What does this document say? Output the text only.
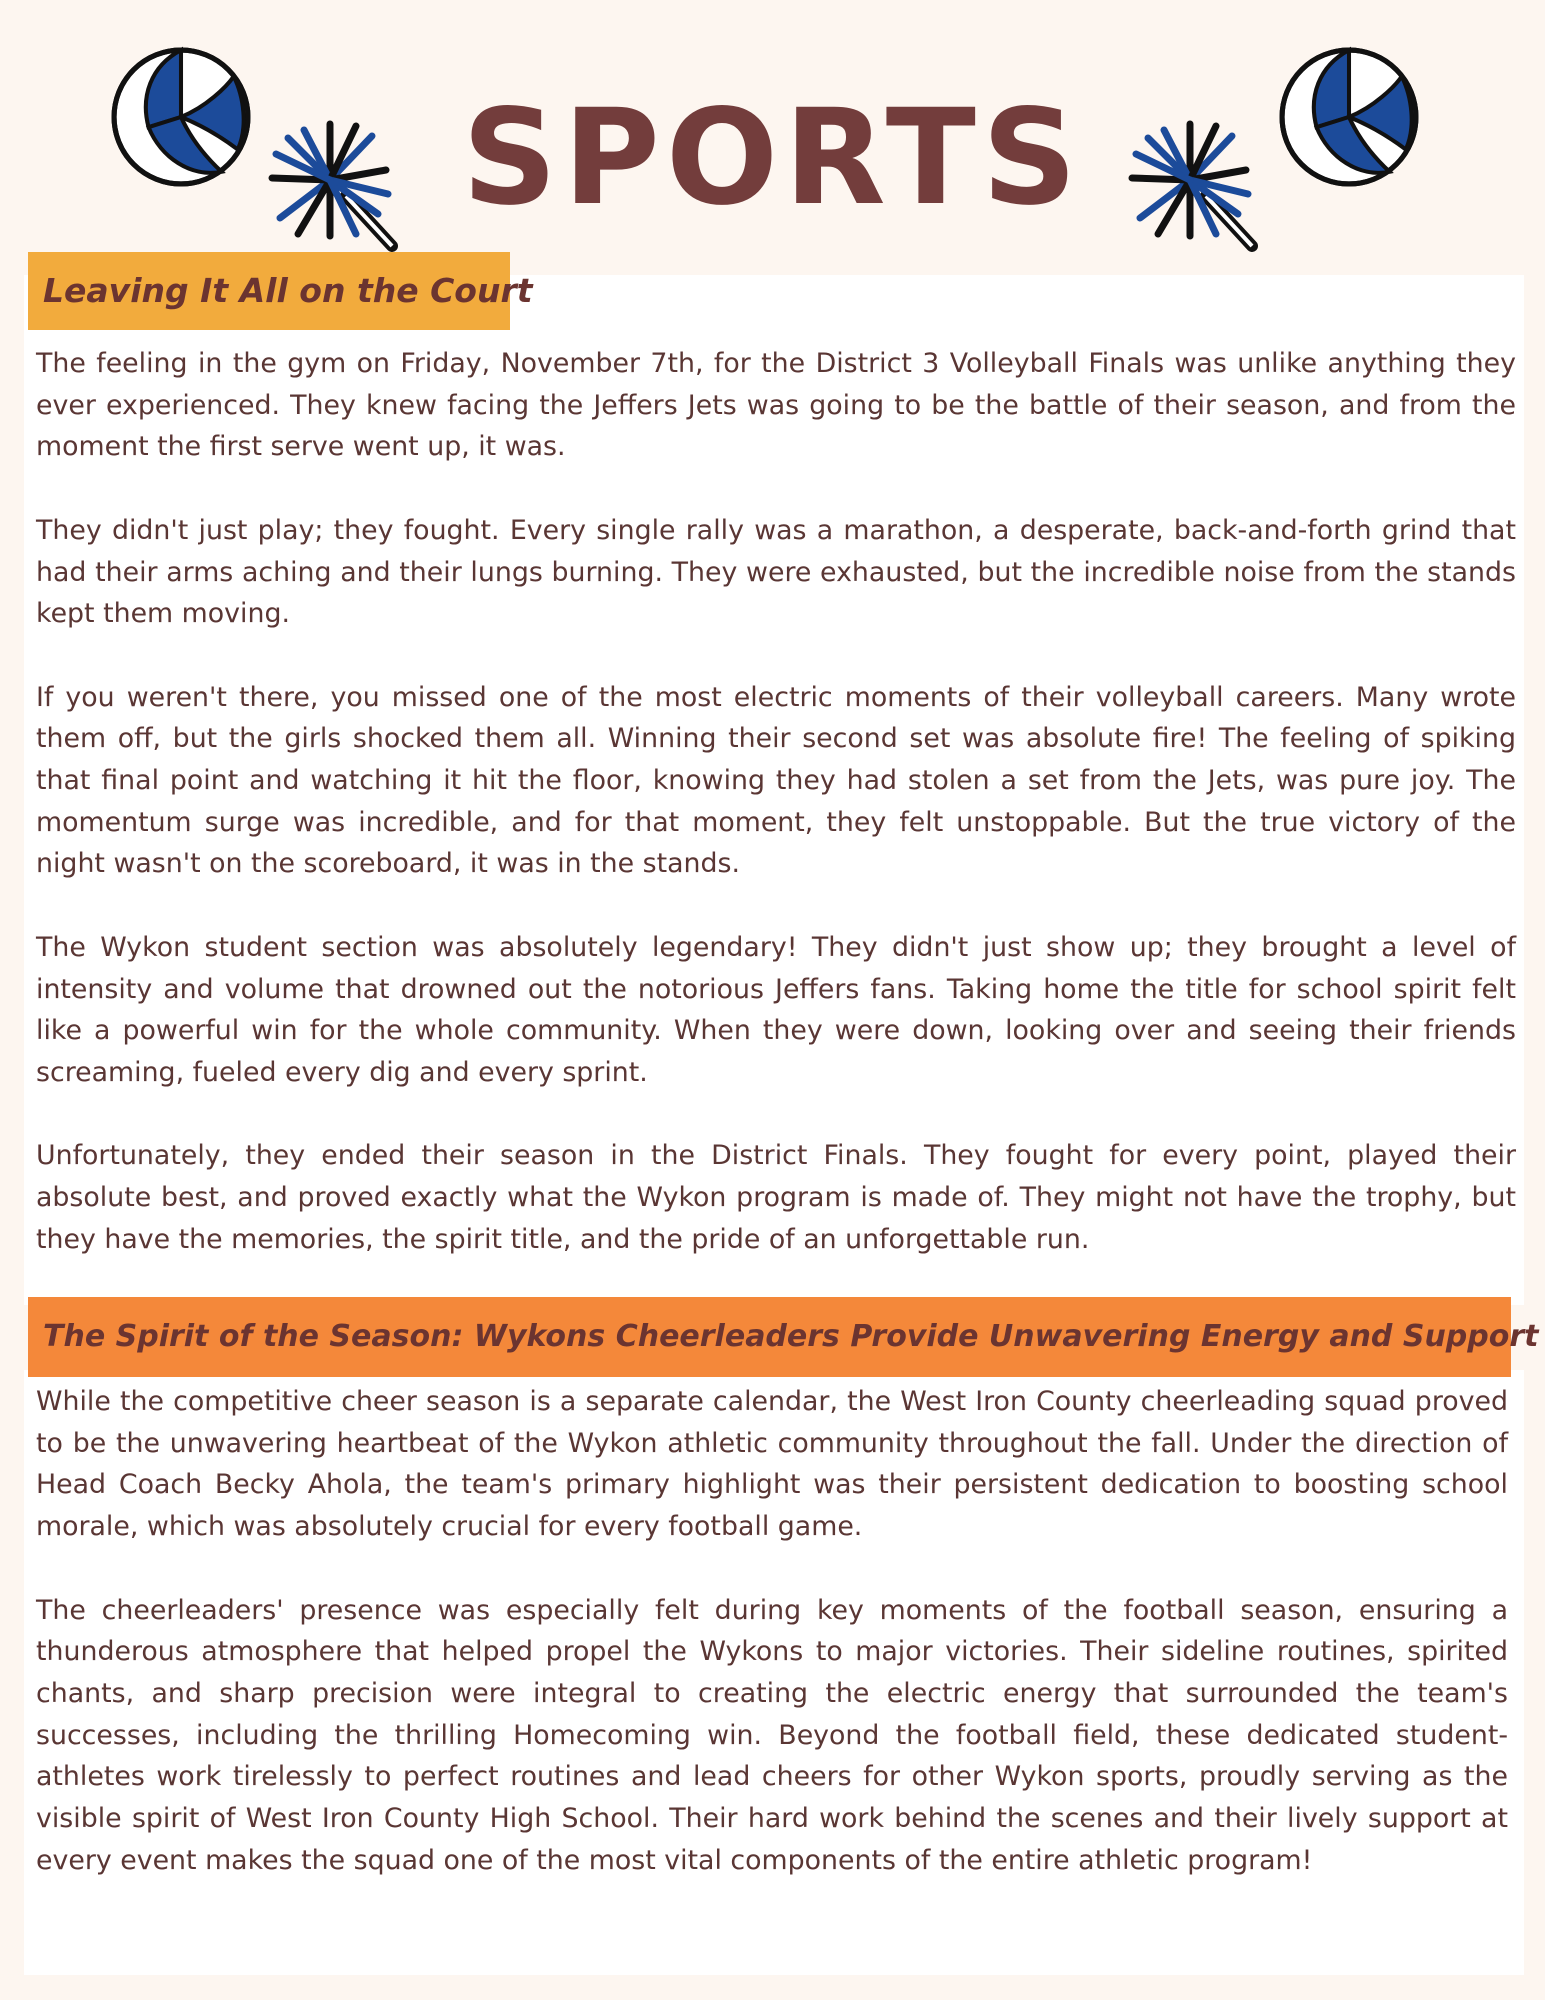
SPORTS
Leaving It All on the Court

The feeling in the gym on Friday, November 7th, for the District 3 Volleyball Finals was unlike anything they ever experienced. They knew facing the Jeffers Jets was going to be the battle of their season, and from the moment the first serve went up, it was.

They didn't just play; they fought. Every single rally was a marathon, a desperate, back-and-forth grind that had their arms aching and their lungs burning. They were exhausted, but the incredible noise from the stands kept them moving.

If you weren't there, you missed one of the most electric moments of their volleyball careers. Many wrote them off, but the girls shocked them all. Winning their second set was absolute fire! The feeling of spiking that final point and watching it hit the floor, knowing they had stolen a set from the Jets, was pure joy. The momentum surge was incredible, and for that moment, they felt unstoppable. But the true victory of the night wasn't on the scoreboard, it was in the stands.

The Wykon student section was absolutely legendary! They didn't just show up; they brought a level of intensity and volume that drowned out the notorious Jeffers fans. Taking home the title for school spirit felt like a powerful win for the whole community. When they were down, looking over and seeing their friends screaming, fueled every dig and every sprint.

Unfortunately, they ended their season in the District Finals. They fought for every point, played their absolute best, and proved exactly what the Wykon program is made of. They might not have the trophy, but they have the memories, the spirit title, and the pride of an unforgettable run.

The Spirit of the Season: Wykons Cheerleaders Provide Unwavering Energy and Support

While the competitive cheer season is a separate calendar, the West Iron County cheerleading squad proved to be the unwavering heartbeat of the Wykon athletic community throughout the fall. Under the direction of Head Coach Becky Ahola, the team's primary highlight was their persistent dedication to boosting school morale, which was absolutely crucial for every football game.

The cheerleaders' presence was especially felt during key moments of the football season, ensuring a thunderous atmosphere that helped propel the Wykons to major victories. Their sideline routines, spirited chants, and sharp precision were integral to creating the electric energy that surrounded the team's successes, including the thrilling Homecoming win. Beyond the football field, these dedicated student-athletes work tirelessly to perfect routines and lead cheers for other Wykon sports, proudly serving as the visible spirit of West Iron County High School. Their hard work behind the scenes and their lively support at every event makes the squad one of the most vital components of the entire athletic program!
